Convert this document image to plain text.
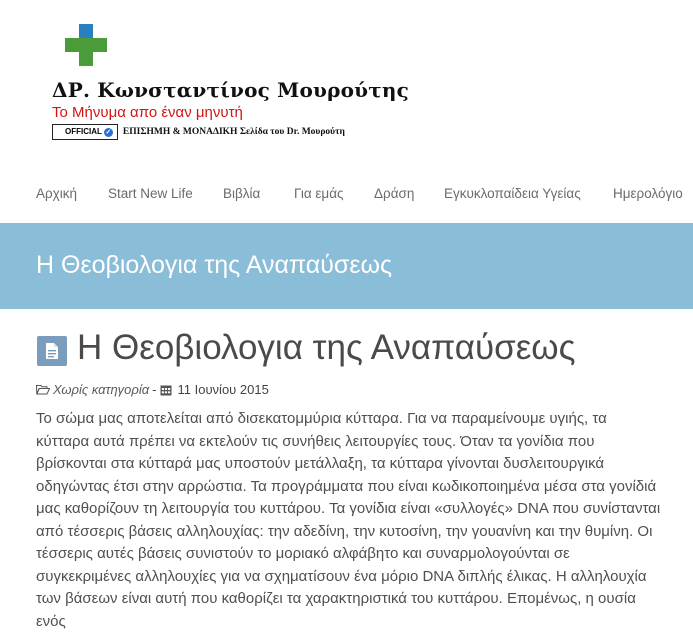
ΔΡ. Κωνσταντίνος Μουρούτης
Το Μήνυμα απο έναν μηνυτή
OFFICIAL ✓ ΕΠΙΣΗΜΗ & ΜΟΝΑΔΙΚΗ Σελίδα του Dr. Μουρούτη
Αρχική Start New Life Βιβλία Για εμάς Δράση Εγκυκλοπαίδεια Υγείας Ημερολόγιο
Η Θεοβιολογια της Αναπαύσεως
Η Θεοβιολογια της Αναπαύσεως
Χωρίς κατηγορία - 11 Ιουνίου 2015

Το σώμα μας αποτελείται από δισεκατομμύρια κύτταρα. Για να παραμείνουμε υγιής, τα κύτταρα αυτά πρέπει να εκτελούν τις συνήθεις λειτουργίες τους. Όταν τα γονίδια που βρίσκονται στα κύτταρά μας υποστούν μετάλλαξη, τα κύτταρα γίνονται δυσλειτουργικά οδηγώντας έτσι στην αρρώστια. Τα προγράμματα που είναι κωδικοποιημένα μέσα στα γονίδιά μας καθορίζουν τη λειτουργία του κυττάρου. Τα γονίδια είναι «συλλογές» DNA που συνίστανται από τέσσερις βάσεις αλληλουχίας: την αδεδίνη, την κυτοσίνη, την γουανίνη και την θυμίνη. Οι τέσσερις αυτές βάσεις συνιστούν το μοριακό αλφάβητο και συναρμολογούνται σε συγκεκριμένες αλληλουχίες για να σχηματίσουν ένα μόριο DNA διπλής έλικας. Η αλληλουχία των βάσεων είναι αυτή που καθορίζει τα χαρακτηριστικά του κυττάρου. Επομένως, η ουσία ενός
